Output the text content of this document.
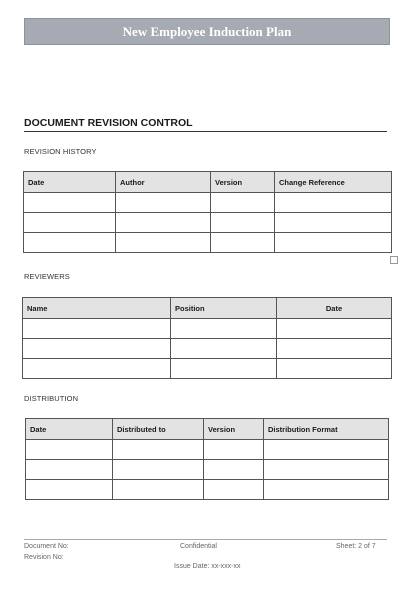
New Employee Induction Plan
DOCUMENT REVISION CONTROL
REVISION HISTORY
Date	Author	Version	Change Reference

REVIEWERS
Name	Position	Date

DISTRIBUTION
Date	Distributed to	Version	Distribution Format

Document No:
Revision No:
Confidential	Sheet: 2 of 7
Issue Date: xx-xxx-xx
